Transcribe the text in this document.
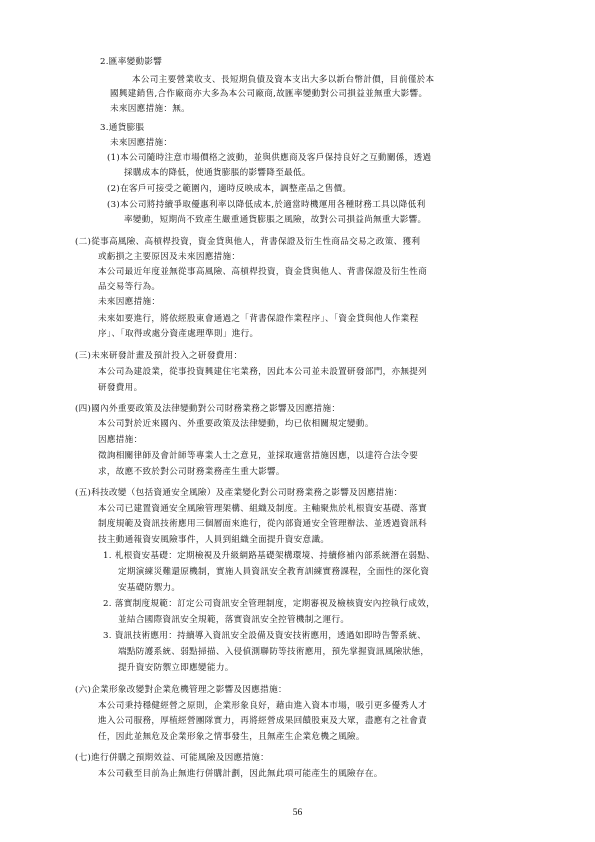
2.匯率變動影響
本公司主要營業收支、長短期負債及資本支出大多以新台幣計價，目前僅於本
國興建銷售,合作廠商亦大多為本公司廠商,故匯率變動對公司損益並無重大影響。
未來因應措施：無。
3.通貨膨脹
未來因應措施：
(1)本公司隨時注意市場價格之波動，並與供應商及客戶保持良好之互動關係，透過
採購成本的降低，使通貨膨脹的影響降至最低。
(2)在客戶可接受之範圍內，適時反映成本，調整產品之售價。
(3)本公司將持續爭取優惠利率以降低成本,於適當時機運用各種財務工具以降低利
率變動，短期尚不致產生嚴重通貨膨脹之風險，故對公司損益尚無重大影響。
(二)從事高風險、高槓桿投資，資金貸與他人，背書保證及衍生性商品交易之政策、獲利
或虧損之主要原因及未來因應措施：
本公司最近年度並無從事高風險、高槓桿投資，資金貸與他人、背書保證及衍生性商
品交易等行為。
未來因應措施：
未來如要進行，將依經股東會通過之「背書保證作業程序」、「資金貸與他人作業程
序」、「取得或處分資產處理準則」進行。
(三)未來研發計畫及預計投入之研發費用：
本公司為建設業，從事投資興建住宅業務，因此本公司並未設置研發部門，亦無提列
研發費用。
(四)國內外重要政策及法律變動對公司財務業務之影響及因應措施：
本公司對於近來國內、外重要政策及法律變動，均已依相關規定變動。
因應措施：
徵詢相關律師及會計師等專業人士之意見，並採取適當措施因應，以達符合法令要
求，故應不致於對公司財務業務產生重大影響。
(五)科技改變（包括資通安全風險）及產業變化對公司財務業務之影響及因應措施：
本公司已建置資通安全風險管理架構、組織及制度。主軸聚焦於札根資安基礎、落實
制度規範及資訊技術應用三個層面來進行，從內部資通安全管理辦法、並透過資訊科
技主動通報資安風險事件，人員到組織全面提升資安意識。
1. 札根資安基礎：定期檢視及升級網路基礎架構環境、持續修補內部系統潛在弱點、
定期演練災難還原機制，實施人員資訊安全教育訓練實務課程，全面性的深化資
安基礎防禦力。
2. 落實制度規範：訂定公司資訊安全管理制度，定期審視及檢核資安內控執行成效，
並結合國際資訊安全規範，落實資訊安全控管機制之運行。
3. 資訊技術應用：持續導入資訊安全設備及資安技術應用，透過如即時告警系統、
端點防護系統、弱點掃描、入侵偵測聯防等技術應用，預先掌握資訊風險狀態，
提升資安防禦立即應變能力。
(六)企業形象改變對企業危機管理之影響及因應措施：
本公司秉持穩健經營之原則，企業形象良好，藉由進入資本市場，吸引更多優秀人才
進入公司服務，厚植經營團隊實力，再將經營成果回饋股東及大眾，盡應有之社會責
任，因此並無危及企業形象之情事發生，且無產生企業危機之風險。
(七)進行併購之預期效益、可能風險及因應措施：
本公司截至目前為止無進行併購計劃，因此無此項可能產生的風險存在。
56
